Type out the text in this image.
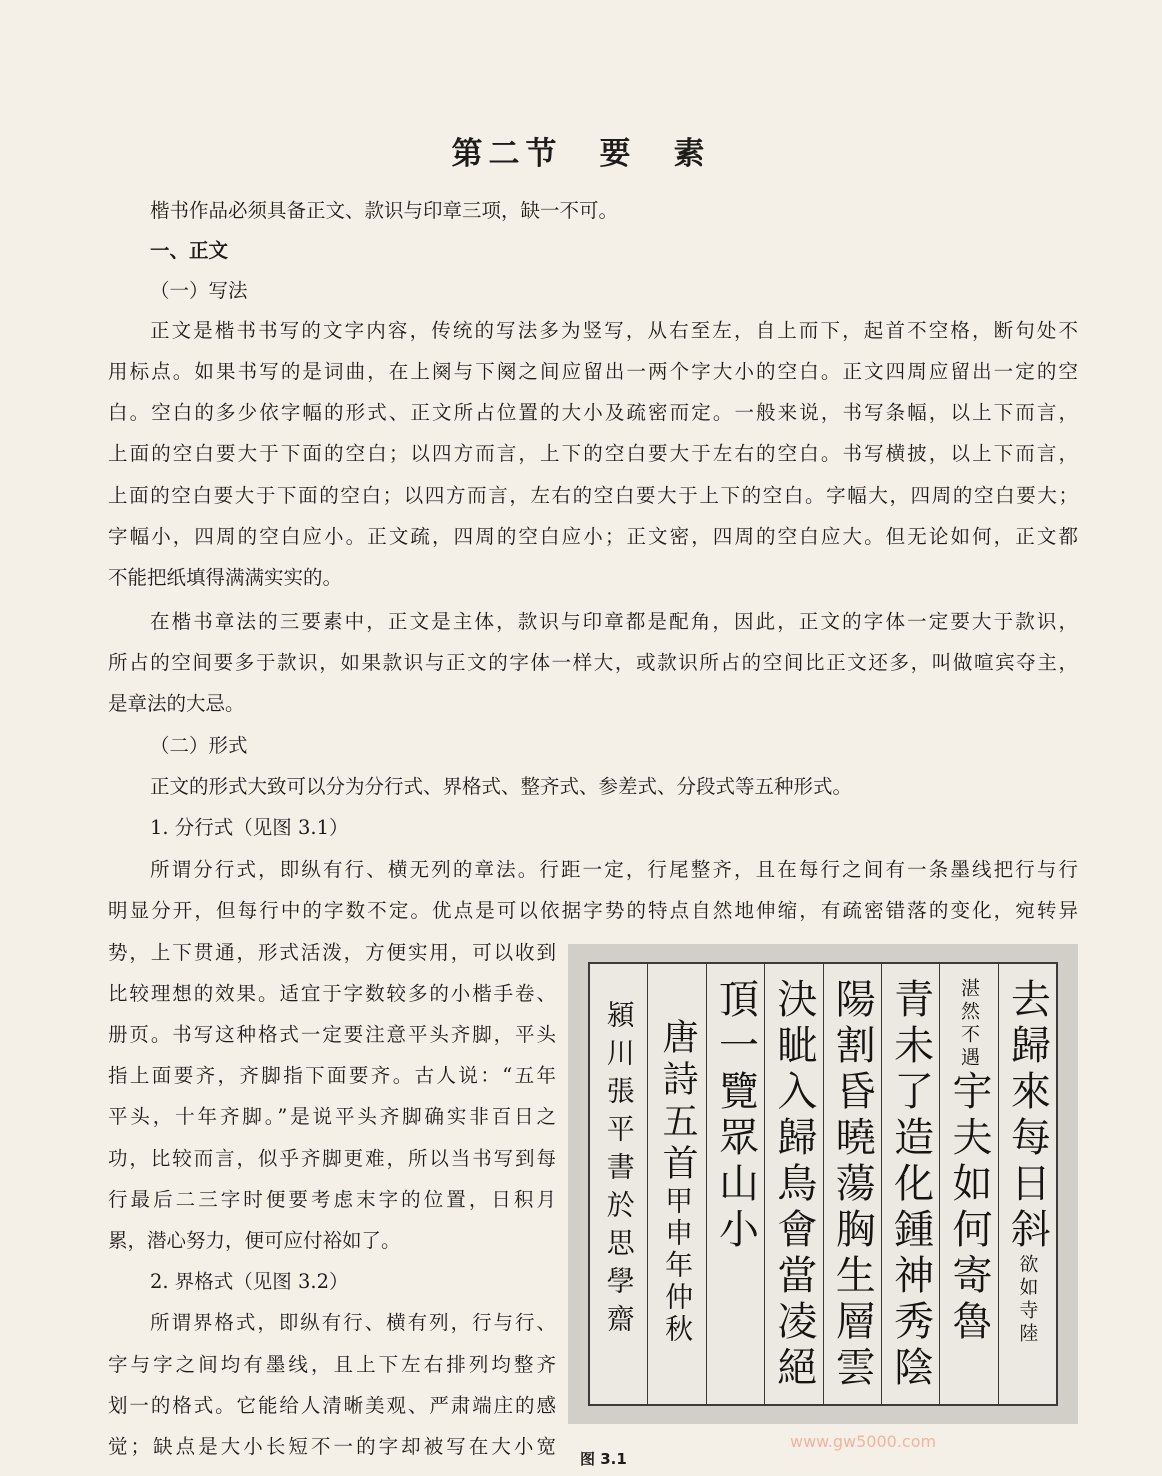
第二节　要　素
楷书作品必须具备正文、款识与印章三项，缺一不可。
一、正文
（一）写法
正文是楷书书写的文字内容，传统的写法多为竖写，从右至左，自上而下，起首不空格，断句处不
用标点。如果书写的是词曲，在上阕与下阕之间应留出一两个字大小的空白。正文四周应留出一定的空
白。空白的多少依字幅的形式、正文所占位置的大小及疏密而定。一般来说，书写条幅，以上下而言，
上面的空白要大于下面的空白；以四方而言，上下的空白要大于左右的空白。书写横披，以上下而言，
上面的空白要大于下面的空白；以四方而言，左右的空白要大于上下的空白。字幅大，四周的空白要大；
字幅小，四周的空白应小。正文疏，四周的空白应小；正文密，四周的空白应大。但无论如何，正文都
不能把纸填得满满实实的。
在楷书章法的三要素中，正文是主体，款识与印章都是配角，因此，正文的字体一定要大于款识，
所占的空间要多于款识，如果款识与正文的字体一样大，或款识所占的空间比正文还多，叫做喧宾夺主，
是章法的大忌。
（二）形式
正文的形式大致可以分为分行式、界格式、整齐式、参差式、分段式等五种形式。
1. 分行式（见图 3.1）
所谓分行式，即纵有行、横无列的章法。行距一定，行尾整齐，且在每行之间有一条墨线把行与行
明显分开，但每行中的字数不定。优点是可以依据字势的特点自然地伸缩，有疏密错落的变化，宛转异
势，上下贯通，形式活泼，方便实用，可以收到
比较理想的效果。适宜于字数较多的小楷手卷、
册页。书写这种格式一定要注意平头齐脚，平头
指上面要齐，齐脚指下面要齐。古人说：“五年
平头，十年齐脚。”是说平头齐脚确实非百日之
功，比较而言，似乎齐脚更难，所以当书写到每
行最后二三字时便要考虑末字的位置，日积月
累，潜心努力，便可应付裕如了。
2. 界格式（见图 3.2）
所谓界格式，即纵有行、横有列，行与行、
字与字之间均有墨线，且上下左右排列均整齐
划一的格式。它能给人清晰美观、严肃端庄的感
觉；缺点是大小长短不一的字却被写在大小宽
去歸來每日斜欲如寺陸
湛然不遇宇夫如何寄魯
青未了造化鍾神秀陰
陽割昏曉蕩胸生層雲
決眦入歸鳥會當凌絕
頂一覽眾山小
唐詩五首甲申年仲秋
潁川張平書於思學齋
图 3.1
www.gw5000.com
